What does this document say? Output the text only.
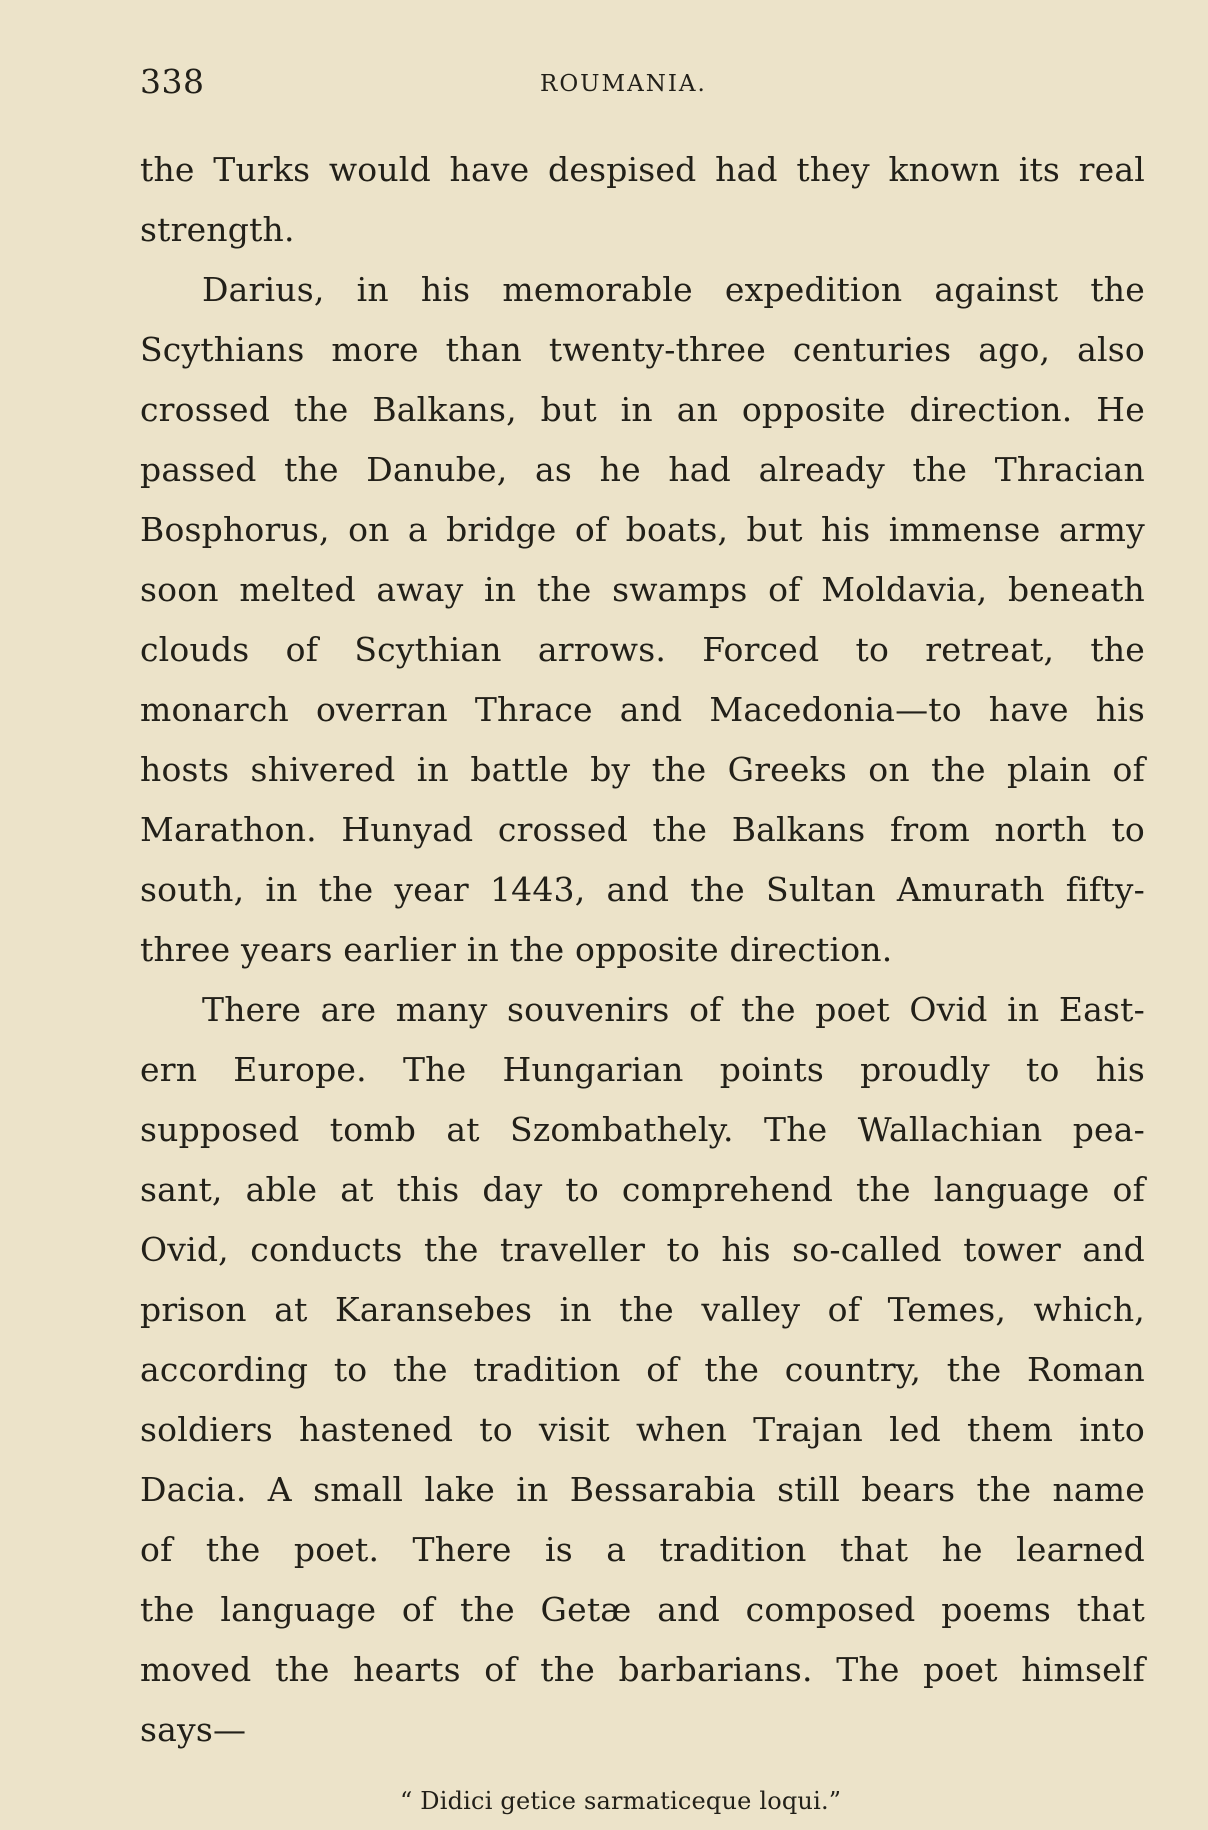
338	ROUMANIA.
the Turks would have despised had they known its real
strength.
Darius, in his memorable expedition against the
Scythians more than twenty-three centuries ago, also
crossed the Balkans, but in an opposite direction. He
passed the Danube, as he had already the Thracian
Bosphorus, on a bridge of boats, but his immense army
soon melted away in the swamps of Moldavia, beneath
clouds of Scythian arrows. Forced to retreat, the
monarch overran Thrace and Macedonia—to have his
hosts shivered in battle by the Greeks on the plain of
Marathon. Hunyad crossed the Balkans from north to
south, in the year 1443, and the Sultan Amurath fifty-
three years earlier in the opposite direction.
There are many souvenirs of the poet Ovid in East-
ern Europe. The Hungarian points proudly to his
supposed tomb at Szombathely. The Wallachian pea-
sant, able at this day to comprehend the language of
Ovid, conducts the traveller to his so-called tower and
prison at Karansebes in the valley of Temes, which,
according to the tradition of the country, the Roman
soldiers hastened to visit when Trajan led them into
Dacia. A small lake in Bessarabia still bears the name
of the poet. There is a tradition that he learned
the language of the Getæ and composed poems that
moved the hearts of the barbarians. The poet himself
says—
“ Didici getice sarmaticeque loqui.”
